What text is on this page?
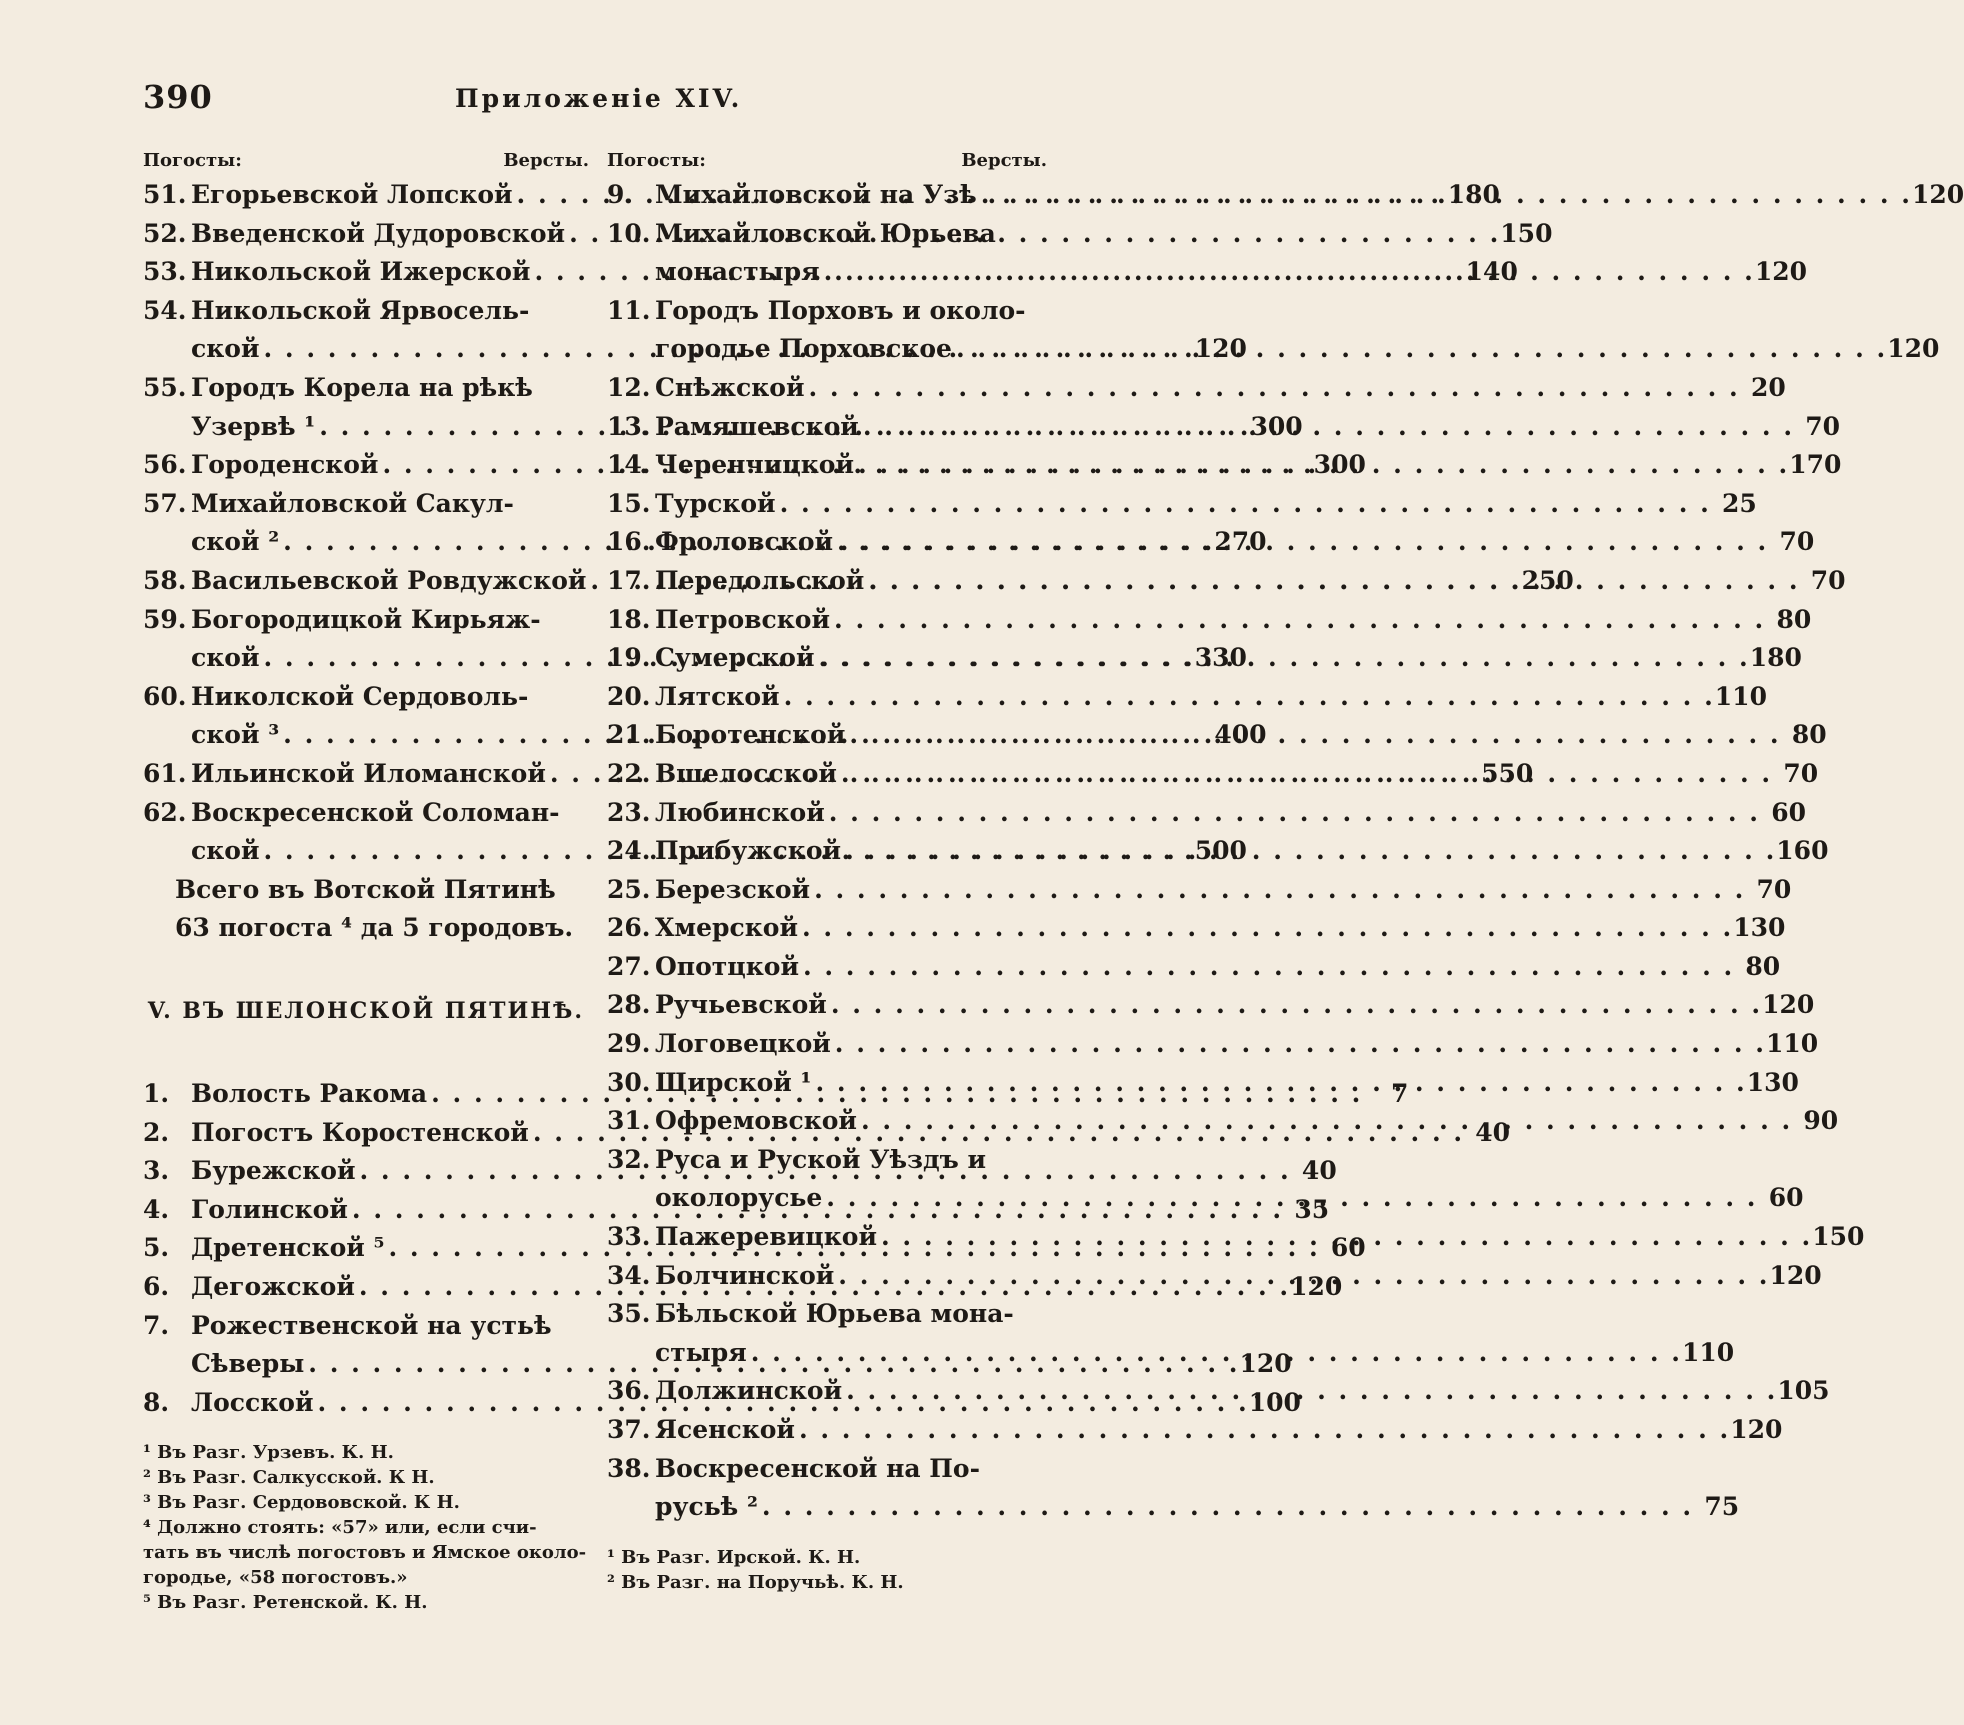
390	Приложеніе XIV.
Погосты:	Версты.
51. Егорьевской Лопской . . .	180
52. Введенской Дудоровской . . .	150
53. Никольской Ижерской . . .	140
54. Никольской Ярвосель-
ской . . .	120
55. Городъ Корела на рѣкѣ
Узервѣ ¹ . . .	300
56. Городенской . . .	300
57. Михайловской Сакул-
ской ² . . .	270
58. Васильевской Ровдужской . . .	250
59. Богородицкой Кирьяж-
ской . . .	330
60. Николской Сердоволь-
ской ³ . . .	400
61. Ильинской Иломанской . . .	550
62. Воскресенской Соломан-
ской . . .	500
Всего въ Вотской Пятинѣ
63 погоста ⁴ да 5 городовъ.
V. ВЪ ШЕЛОНСКОЙ ПЯТИНѢ.
1. Волость Ракома . . .	7
2. Погостъ Коростенской . . .	40
3. Бурежской . . .	40
4. Голинской . . .	35
5. Дретенской ⁵ . . .	60
6. Дегожской . . .	120
7. Рожественской на устьѣ
Сѣверы . . .	120
8. Лосской . . .	100
¹ Въ Разг. Урзевъ. К. Н.
² Въ Разг. Салкусской. К Н.
³ Въ Разг. Сердововской. К Н.
⁴ Должно стоять: «57» или, если счи-
тать въ числѣ погостовъ и Ямское около-
городье, «58 погостовъ.»
⁵ Въ Разг. Ретенской. К. Н.
Погосты:	Версты.
9. Михайловской на Узѣ . . .	120
10. Михайловской Юрьева
монастыря . . .	120
11. Городъ Порховъ и около-
городье Порховское . . .	120
12. Снѣжской . . .	20
13. Рамяшевской . . .	70
14. Черенчицкой . . .	170
15. Турской . . .	25
16. Фроловской . . .	70
17. Передольской . . .	70
18. Петровской . . .	80
19. Сумерской . . .	180
20. Лятской . . .	110
21. Боротенской . . .	80
22. Вшелосской . . .	70
23. Любинской . . .	60
24. Прибужской . . .	160
25. Березской . . .	70
26. Хмерской . . .	130
27. Опотцкой . . .	80
28. Ручьевской . . .	120
29. Логовецкой . . .	110
30. Щирской ¹ . . .	130
31. Офремовской . . .	90
32. Руса и Руской Уѣздъ и
околорусье . . .	60
33. Пажеревицкой . . .	150
34. Болчинской . . .	120
35. Бѣльской Юрьева мона-
стыря . . .	110
36. Должинской . . .	105
37. Ясенской . . .	120
38. Воскресенской на По-
русьѣ ² . . .	75
¹ Въ Разг. Ирской. К. Н.
² Въ Разг. на Поручьѣ. К. Н.
